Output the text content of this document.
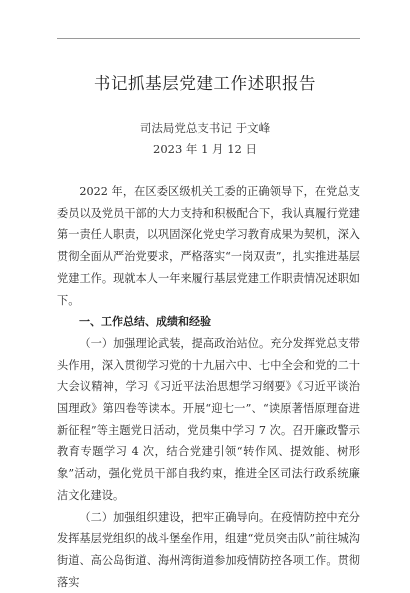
书记抓基层党建工作述职报告
司法局党总支书记 于文峰
2023 年 1 月 12 日

2022 年，在区委区级机关工委的正确领导下，在党总支委员以及党员干部的大力支持和积极配合下，我认真履行党建第一责任人职责，以巩固深化党史学习教育成果为契机，深入贯彻全面从严治党要求，严格落实“一岗双责”，扎实推进基层党建工作。现就本人一年来履行基层党建工作职责情况述职如下。

一、工作总结、成绩和经验

（一）加强理论武装，提高政治站位。充分发挥党总支带头作用，深入贯彻学习党的十九届六中、七中全会和党的二十大会议精神，学习《习近平法治思想学习纲要》《习近平谈治国理政》第四卷等读本。开展“迎七一”、“读原著悟原理奋进新征程”等主题党日活动，党员集中学习 7 次。召开廉政警示教育专题学习 4 次，结合党建引领“转作风、提效能、树形象”活动，强化党员干部自我约束，推进全区司法行政系统廉洁文化建设。

（二）加强组织建设，把牢正确导向。在疫情防控中充分发挥基层党组织的战斗堡垒作用，组建“党员突击队”前往城沟街道、高公岛街道、海州湾街道参加疫情防控各项工作。贯彻落实
